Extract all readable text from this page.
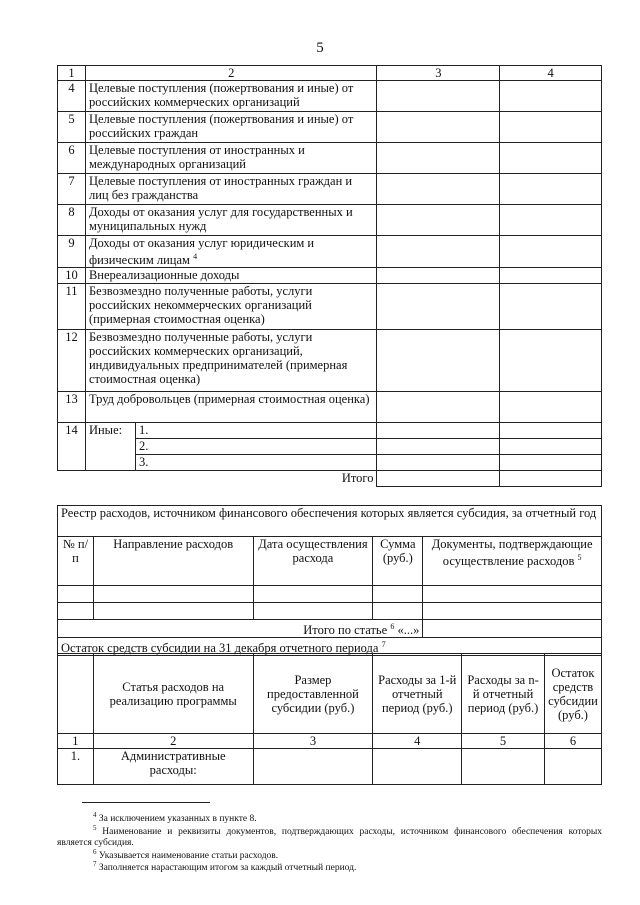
5
1	2		3	4
4	Целевые поступления (пожертвования и иные) от российских коммерческих организаций			
5	Целевые поступления (пожертвования и иные) от российских граждан			
6	Целевые поступления от иностранных и международных организаций			
7	Целевые поступления от иностранных граждан и лиц без гражданства			
8	Доходы от оказания услуг для государственных и муниципальных нужд			
9	Доходы от оказания услуг юридическим и физическим лицам $^4$		
10	Внереализационные доходы			
11	Безвозмездно полученные работы, услуги российских некоммерческих организаций (примерная стоимостная оценка)			
12	Безвозмездно полученные работы, услуги российских коммерческих организаций, индивидуальных предпринимателей (примерная стоимостная оценка)			
13	Труд добровольцев (примерная стоимостная оценка)			
14	Иные:	1.		
		2.		
		3.		
Итого				
Реестр расходов, источником финансового обеспечения которых является субсидия, за отчетный год				
№ п/п	Направление расходов	Дата осуществления расхода	Сумма (руб.)	Документы, подтверждающие осуществление расходов $^5$

Итого по статье $^6$ «...»				
Остаток средств субсидии на 31 декабря отчетного периода $^7$
	Статья расходов на реализацию программы	Размер предоставленной субсидии (руб.)	Расходы за 1-й отчетный период (руб.)	Расходы за n-й отчетный период (руб.)	Остаток средств субсидии (руб.)
1	2	3	4	5	6
1.	Административные расходы:				
$^4$ За исключением указанных в пункте 8.
$^5$ Наименование и реквизиты документов, подтверждающих расходы, источником финансового обеспечения которых является субсидия.
$^6$ Указывается наименование статьи расходов.
$^7$ Заполняется нарастающим итогом за каждый отчетный период.
